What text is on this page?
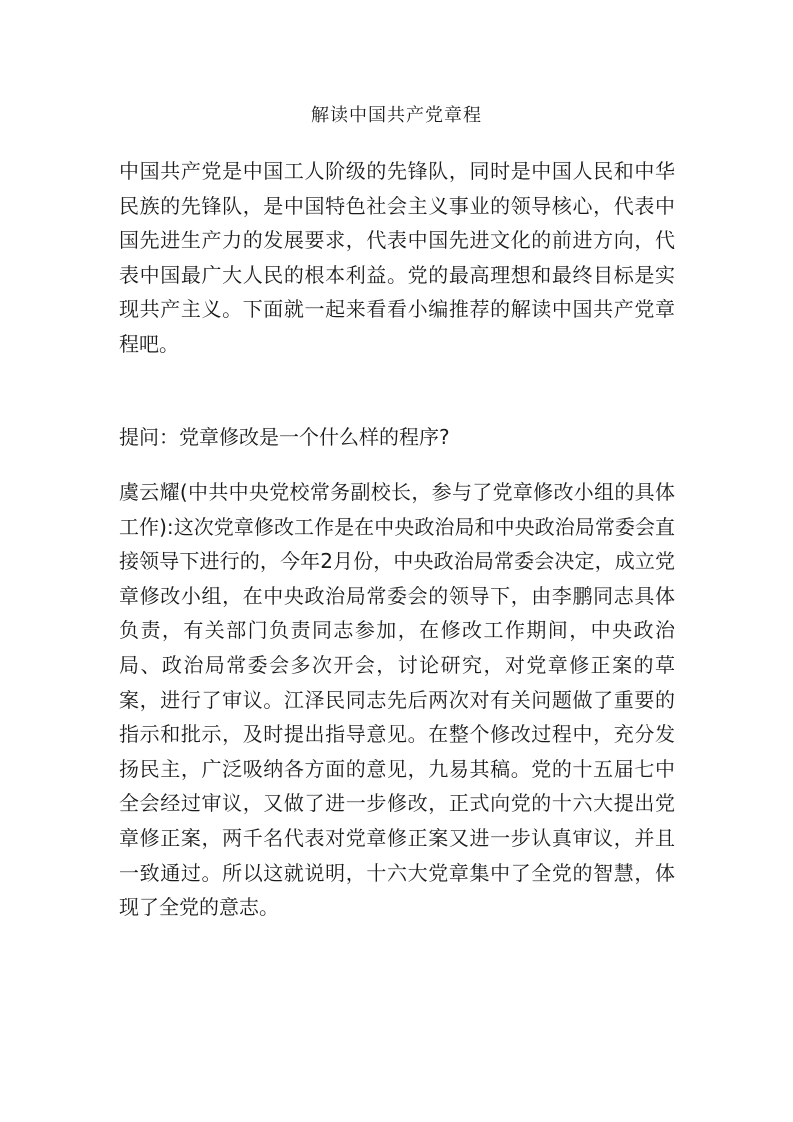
解读中国共产党章程

中国共产党是中国工人阶级的先锋队，同时是中国人民和中华民族的先锋队，是中国特色社会主义事业的领导核心，代表中国先进生产力的发展要求，代表中国先进文化的前进方向，代表中国最广大人民的根本利益。党的最高理想和最终目标是实现共产主义。下面就一起来看看小编推荐的解读中国共产党章程吧。

提问：党章修改是一个什么样的程序?

虞云耀(中共中央党校常务副校长，参与了党章修改小组的具体工作):这次党章修改工作是在中央政治局和中央政治局常委会直接领导下进行的，今年2月份，中央政治局常委会决定，成立党章修改小组，在中央政治局常委会的领导下，由李鹏同志具体负责，有关部门负责同志参加，在修改工作期间，中央政治局、政治局常委会多次开会，讨论研究，对党章修正案的草案，进行了审议。江泽民同志先后两次对有关问题做了重要的指示和批示，及时提出指导意见。在整个修改过程中，充分发扬民主，广泛吸纳各方面的意见，九易其稿。党的十五届七中全会经过审议，又做了进一步修改，正式向党的十六大提出党章修正案，两千名代表对党章修正案又进一步认真审议，并且一致通过。所以这就说明，十六大党章集中了全党的智慧，体现了全党的意志。
